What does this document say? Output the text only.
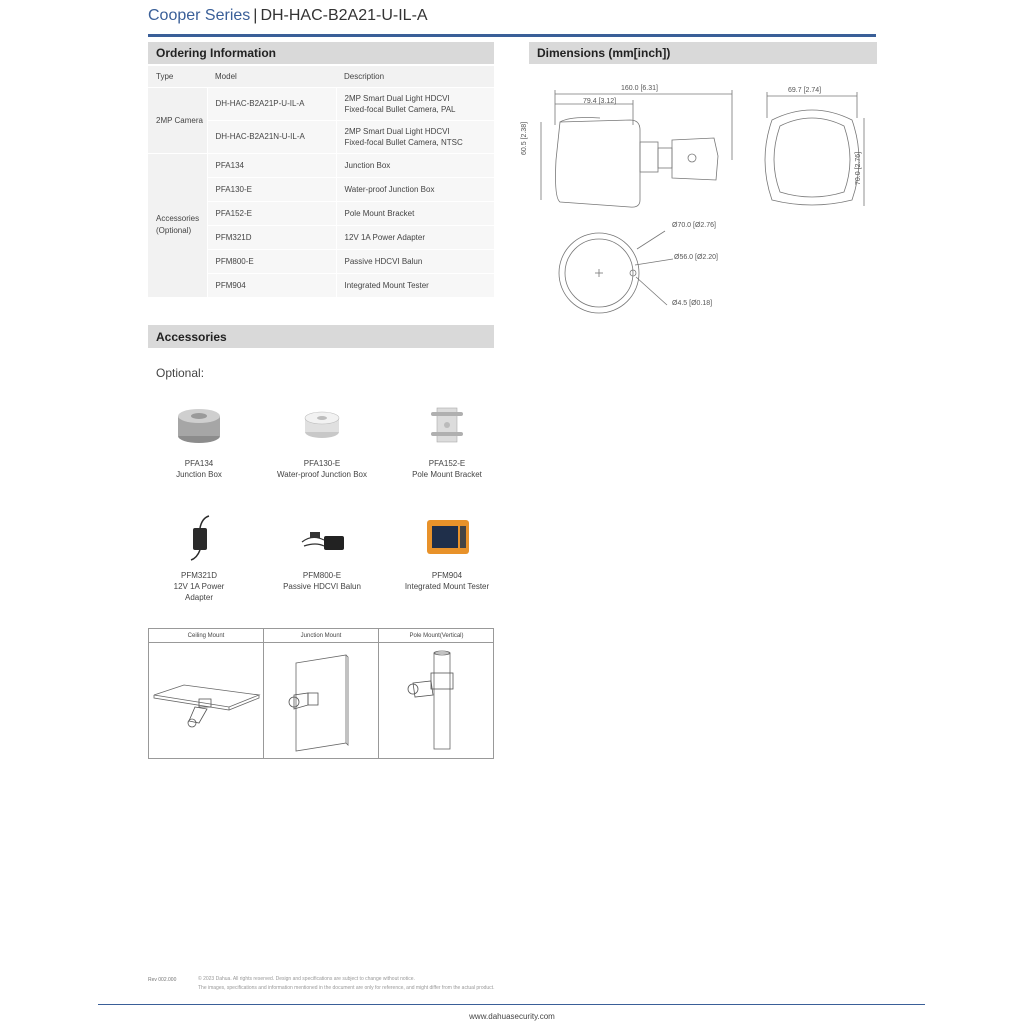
Cooper Series | DH-HAC-B2A21-U-IL-A
Ordering Information
Type	Model	Description
2MP Camera	DH-HAC-B2A21P-U-IL-A	2MP Smart Dual Light HDCVI
Fixed-focal Bullet Camera, PAL
	DH-HAC-B2A21N-U-IL-A	2MP Smart Dual Light HDCVI
Fixed-focal Bullet Camera, NTSC
Accessories (Optional)	PFA134	Junction Box
	PFA130-E	Water-proof Junction Box
	PFA152-E	Pole Mount Bracket
	PFM321D	12V 1A Power Adapter
	PFM800-E	Passive HDCVI Balun
	PFM904	Integrated Mount Tester
Dimensions (mm[inch])
160.0 [6.31]
79.4 [3.12]
60.5 [2.38]
69.7 [2.74]
70.0 [2.76]
Ø70.0 [Ø2.76]
Ø56.0 [Ø2.20]
Ø4.5 [Ø0.18]
Accessories
Optional:
PFA134
Junction Box
PFA130-E
Water-proof Junction Box
PFA152-E
Pole Mount Bracket
PFM321D
12V 1A Power Adapter
PFM800-E
Passive HDCVI Balun
PFM904
Integrated Mount Tester
Ceiling Mount	Junction Mount	Pole Mount(Vertical)
Rev 002.000	© 2023 Dahua. All rights reserved. Design and specifications are subject to change without notice.
The images, specifications and information mentioned in the document are only for reference, and might differ from the actual product.
www.dahuasecurity.com
